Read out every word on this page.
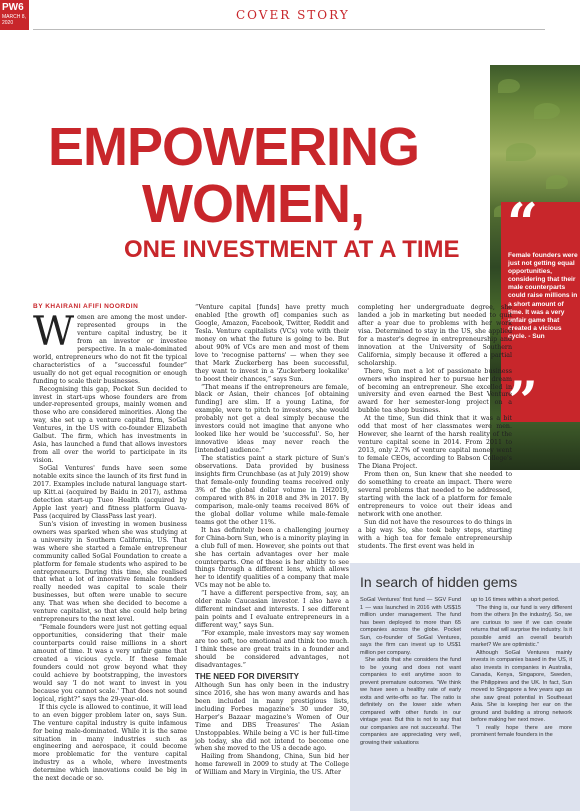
PW6
MARCH 8, 2020
COVER STORY
“
Female founders were just not getting equal opportunities, considering that their male counterparts could raise millions in a short amount of time. It was a very unfair game that created a vicious cycle. - Sun
”
EMPOWERING
WOMEN,
ONE INVESTMENT AT A TIME
BY KHAIRANI AFIFI NOORDIN

Women are among the most under-represented groups in the venture capital industry, be it from an investor or investee perspective. In a male-dominated world, entrepreneurs who do not fit the typical characteristics of a “successful founder” usually do not get equal recognition or enough funding to scale their businesses.

Recognising this gap, Pocket Sun decided to invest in start-ups whose founders are from under-represented groups, mainly women and those who are considered minorities. Along the way, she set up a venture capital firm, SoGal Ventures, in the US with co-founder Elizabeth Galbut. The firm, which has investments in Asia, has launched a fund that allows investors from all over the world to participate in its vision.

SoGal Ventures' funds have seen some notable exits since the launch of its first fund in 2017. Examples include natural language start-up Kitt.ai (acquired by Baidu in 2017), asthma detection start-up Tueo Health (acquired by Apple last year) and fitness platform Guava-Pass (acquired by ClassPass last year).

Sun's vision of investing in women business owners was sparked when she was studying at a university in Southern California, US. That was where she started a female entrepreneur community called SoGal Foundation to create a platform for female students who aspired to be entrepreneurs. During this time, she realised that what a lot of innovative female founders really needed was capital to scale their businesses, but often were unable to secure any. That was when she decided to become a venture capitalist, so that she could help bring entrepreneurs to the next level.

“Female founders were just not getting equal opportunities, considering that their male counterparts could raise millions in a short amount of time. It was a very unfair game that created a vicious cycle. If these female founders could not grow beyond what they could achieve by bootstrapping, the investors would say 'I do not want to invest in you because you cannot scale.' That does not sound logical, right?” says the 29-year-old.

If this cycle is allowed to continue, it will lead to an even bigger problem later on, says Sun. The venture capital industry is quite infamous for being male-dominated. While it is the same situation in many industries such as engineering and aerospace, it could become more problematic for the venture capital industry as a whole, where investments determine which innovations could be big in the next decade or so.

“Venture capital [funds] have pretty much enabled [the growth of] companies such as Google, Amazon, Facebook, Twitter, Reddit and Tesla. Venture capitalists (VCs) vote with their money on what the future is going to be. But about 90% of VCs are men and most of them love to 'recognise patterns' — when they see that Mark Zuckerberg has been successful, they want to invest in a 'Zuckerberg lookalike' to boost their chances,” says Sun.

“That means if the entrepreneurs are female, black or Asian, their chances [of obtaining funding] are slim. If a young Latina, for example, were to pitch to investors, she would probably not get a deal simply because the investors could not imagine that anyone who looked like her would be 'successful'. So, her innovative ideas may never reach the [intended] audience.”

The statistics paint a stark picture of Sun's observations. Data provided by business insights firm Crunchbase (as at July 2019) show that female-only founding teams received only 3% of the global dollar volume in 1H2019, compared with 8% in 2018 and 3% in 2017. By comparison, male-only teams received 86% of the global dollar volume while male-female teams got the other 11%.

It has definitely been a challenging journey for China-born Sun, who is a minority playing in a club full of men. However, she points out that she has certain advantages over her male counterparts. One of these is her ability to see things through a different lens, which allows her to identify qualities of a company that male VCs may not be able to.

“I have a different perspective from, say, an older male Caucasian investor. I also have a different mindset and interests. I see different pain points and I evaluate entrepreneurs in a different way,” says Sun.

“For example, male investors may say women are too soft, too emotional and think too much. I think these are great traits in a founder and should be considered advantages, not disadvantages.”

THE NEED FOR DIVERSITY

Although Sun has only been in the industry since 2016, she has won many awards and has been included in many prestigious lists, including Forbes magazine's 30 under 30, Harper's Bazaar magazine's Women of Our Time and DBS Treasures' The Asian Unstoppables. While being a VC is her full-time job today, she did not intend to become one when she moved to the US a decade ago.

Hailing from Shandong, China, Sun bid her home farewell in 2009 to study at The College of William and Mary in Virginia, the US. After

completing her undergraduate degree, she landed a job in marketing but needed to quit after a year due to problems with her work visa. Determined to stay in the US, she applied for a master's degree in entrepreneurship and innovation at the University of Southern California, simply because it offered a partial scholarship.

There, Sun met a lot of passionate business owners who inspired her to pursue her dream of becoming an entrepreneur. She excelled in university and even earned the Best Venture award for her semester-long project on a bubble tea shop business.

At the time, Sun did think that it was a bit odd that most of her classmates were men. However, she learnt of the harsh reality of the venture capital scene in 2014. From 2011 to 2013, only 2.7% of venture capital money went to female CEOs, according to Babson College's The Diana Project.

From then on, Sun knew that she needed to do something to create an impact. There were several problems that needed to be addressed, starting with the lack of a platform for female entrepreneurs to voice out their ideas and network with one another.

Sun did not have the resources to do things in a big way. So, she took baby steps, starting with a high tea for female entrepreneurship students. The first event was held in

In search of hidden gems

SoGal Ventures' first fund — SGV Fund 1 — was launched in 2016 with US$15 million under management. The fund has been deployed to more than 65 companies across the globe. Pocket Sun, co-founder of SoGal Ventures, says the firm can invest up to US$1 million per company.

She adds that she considers the fund to be young and does not want companies to exit anytime soon to prevent premature outcomes. “We think we have seen a healthy rate of early exits and write-offs so far. The ratio is definitely on the lower side when compared with other funds in our vintage year. But this is not to say that our companies are not successful. The companies are appreciating very well, growing their valuations

up to 16 times within a short period.

“The thing is, our fund is very different from the others [in the industry]. So, we are curious to see if we can create returns that will surprise the industry. Is it possible amid an overall bearish market? We are optimistic.”

Although SoGal Ventures mainly invests in companies based in the US, it also invests in companies in Australia, Canada, Kenya, Singapore, Sweden, the Philippines and the UK. In fact, Sun moved to Singapore a few years ago as she saw great potential in Southeast Asia. She is keeping her ear on the ground and building a strong network before making her next move.

“I really hope there are more prominent female founders in the
